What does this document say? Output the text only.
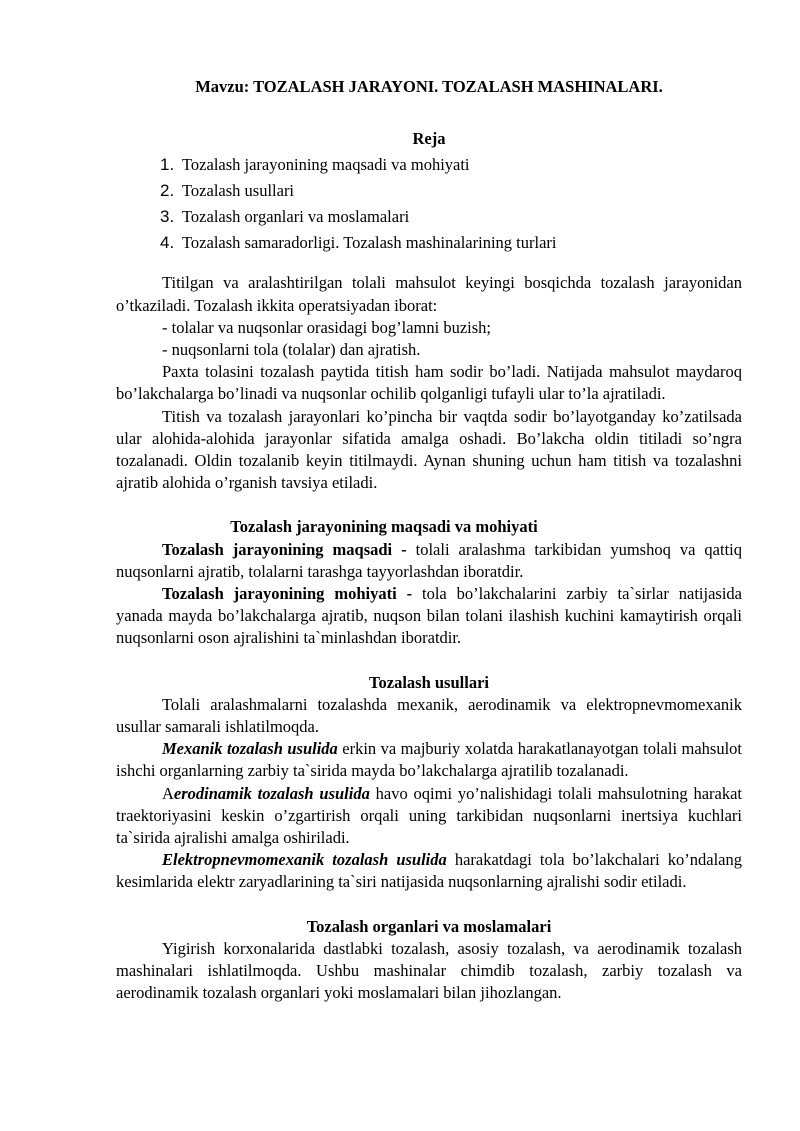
Mavzu: TOZALASH JARAYONI. TOZALASH MASHINALARI.

Reja

1. Tozalash jarayonining maqsadi va mohiyati
2. Tozalash usullari
3. Tozalash organlari va moslamalari
4. Tozalash samaradorligi. Tozalash mashinalarining turlari

Titilgan va aralashtirilgan tolali mahsulot keyingi bosqichda tozalash jarayonidan o’tkaziladi. Tozalash ikkita operatsiyadan iborat:

- tolalar va nuqsonlar orasidagi bog’lamni buzish;

- nuqsonlarni tola (tolalar) dan ajratish.

Paxta tolasini tozalash paytida titish ham sodir bo’ladi. Natijada mahsulot maydaroq bo’lakchalarga bo’linadi va nuqsonlar ochilib qolganligi tufayli ular to’la ajratiladi.

Titish va tozalash jarayonlari ko’pincha bir vaqtda sodir bo’layotganday ko’zatilsada ular alohida-alohida jarayonlar sifatida amalga oshadi. Bo’lakcha oldin titiladi so’ngra tozalanadi. Oldin tozalanib keyin titilmaydi. Aynan shuning uchun ham titish va tozalashni ajratib alohida o’rganish tavsiya etiladi.

Tozalash jarayonining maqsadi va mohiyati

Tozalash jarayonining maqsadi - tolali aralashma tarkibidan yumshoq va qattiq nuqsonlarni ajratib, tolalarni tarashga tayyorlashdan iboratdir.

Tozalash jarayonining mohiyati - tola bo’lakchalarini zarbiy ta`sirlar natijasida yanada mayda bo’lakchalarga ajratib, nuqson bilan tolani ilashish kuchini kamaytirish orqali nuqsonlarni oson ajralishini ta`minlashdan iboratdir.

Tozalash usullari

Tolali aralashmalarni tozalashda mexanik, aerodinamik va elektropnevmomexanik usullar samarali ishlatilmoqda.

Mexanik tozalash usulida erkin va majburiy xolatda harakatlanayotgan tolali mahsulot ishchi organlarning zarbiy ta`sirida mayda bo’lakchalarga ajratilib tozalanadi.

Aerodinamik tozalash usulida havo oqimi yo’nalishidagi tolali mahsulotning harakat traektoriyasini keskin o’zgartirish orqali uning tarkibidan nuqsonlarni inertsiya kuchlari ta`sirida ajralishi amalga oshiriladi.

Elektropnevmomexanik tozalash usulida harakatdagi tola bo’lakchalari ko’ndalang kesimlarida elektr zaryadlarining ta`siri natijasida nuqsonlarning ajralishi sodir etiladi.

Tozalash organlari va moslamalari

Yigirish korxonalarida dastlabki tozalash, asosiy tozalash, va aerodinamik tozalash mashinalari ishlatilmoqda. Ushbu mashinalar chimdib tozalash, zarbiy tozalash va aerodinamik tozalash organlari yoki moslamalari bilan jihozlangan.
